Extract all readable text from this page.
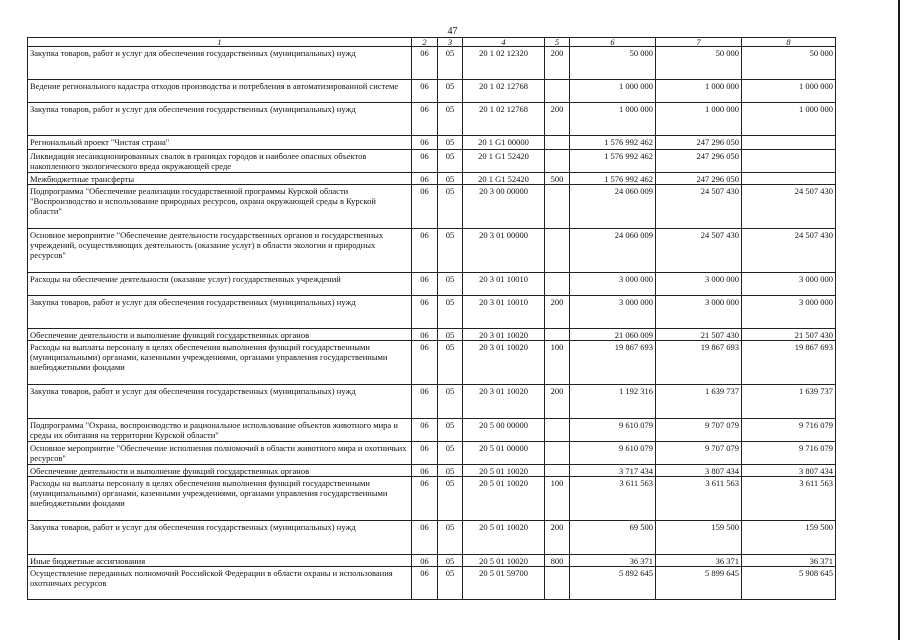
47
1	2	3	4	5	6	7	8
Закупка товаров, работ и услуг для обеспечения государственных (муниципальных) нужд	06	05	20 1 02 12320	200	50 000	50 000	50 000
Ведение регионального кадастра отходов производства и потребления в автоматизированной системе	06	05	20 1 02 12768		1 000 000	1 000 000	1 000 000
Закупка товаров, работ и услуг для обеспечения государственных (муниципальных) нужд	06	05	20 1 02 12768	200	1 000 000	1 000 000	1 000 000
Региональный проект "Чистая страна"	06	05	20 1 G1 00000		1 576 992 462	247 296 050	
Ликвидация несанкционированных свалок в границах городов и наиболее опасных объектов накопленного экологического вреда окружающей среде	06	05	20 1 G1 52420		1 576 992 462	247 296 050	
Межбюджетные трансферты	06	05	20 1 G1 52420	500	1 576 992 462	247 296 050	
Подпрограмма "Обеспечение реализации государственной программы Курской области "Воспроизводство и использование природных ресурсов, охрана окружающей среды в Курской области"	06	05	20 3 00 00000		24 060 009	24 507 430	24 507 430
Основное мероприятие "Обеспечение деятельности государственных органов и государственных учреждений, осуществляющих деятельность (оказание услуг) в области экологии и природных ресурсов"	06	05	20 3 01 00000		24 060 009	24 507 430	24 507 430
Расходы на обеспечение деятельности (оказание услуг) государственных учреждений	06	05	20 3 01 10010		3 000 000	3 000 000	3 000 000
Закупка товаров, работ и услуг для обеспечения государственных (муниципальных) нужд	06	05	20 3 01 10010	200	3 000 000	3 000 000	3 000 000
Обеспечение деятельности и выполнение функций государственных органов	06	05	20 3 01 10020		21 060 009	21 507 430	21 507 430
Расходы на выплаты персоналу в целях обеспечения выполнения функций государственными (муниципальными) органами, казенными учреждениями, органами управления государственными внебюджетными фондами	06	05	20 3 01 10020	100	19 867 693	19 867 693	19 867 693
Закупка товаров, работ и услуг для обеспечения государственных (муниципальных) нужд	06	05	20 3 01 10020	200	1 192 316	1 639 737	1 639 737
Подпрограмма "Охрана, воспроизводство и рациональное использование объектов животного мира и среды их обитания на территории Курской области"	06	05	20 5 00 00000		9 610 079	9 707 079	9 716 079
Основное мероприятие "Обеспечение исполнения полномочий в области животного мира и охотничьих ресурсов"	06	05	20 5 01 00000		9 610 079	9 707 079	9 716 079
Обеспечение деятельности и выполнение функций государственных органов	06	05	20 5 01 10020		3 717 434	3 807 434	3 807 434
Расходы на выплаты персоналу в целях обеспечения выполнения функций государственными (муниципальными) органами, казенными учреждениями, органами управления государственными внебюджетными фондами	06	05	20 5 01 10020	100	3 611 563	3 611 563	3 611 563
Закупка товаров, работ и услуг для обеспечения государственных (муниципальных) нужд	06	05	20 5 01 10020	200	69 500	159 500	159 500
Иные бюджетные ассигнования	06	05	20 5 01 10020	800	36 371	36 371	36 371
Осуществление переданных полномочий Российской Федерации в области охраны и использования охотничьих ресурсов	06	05	20 5 01 59700		5 892 645	5 899 645	5 908 645
